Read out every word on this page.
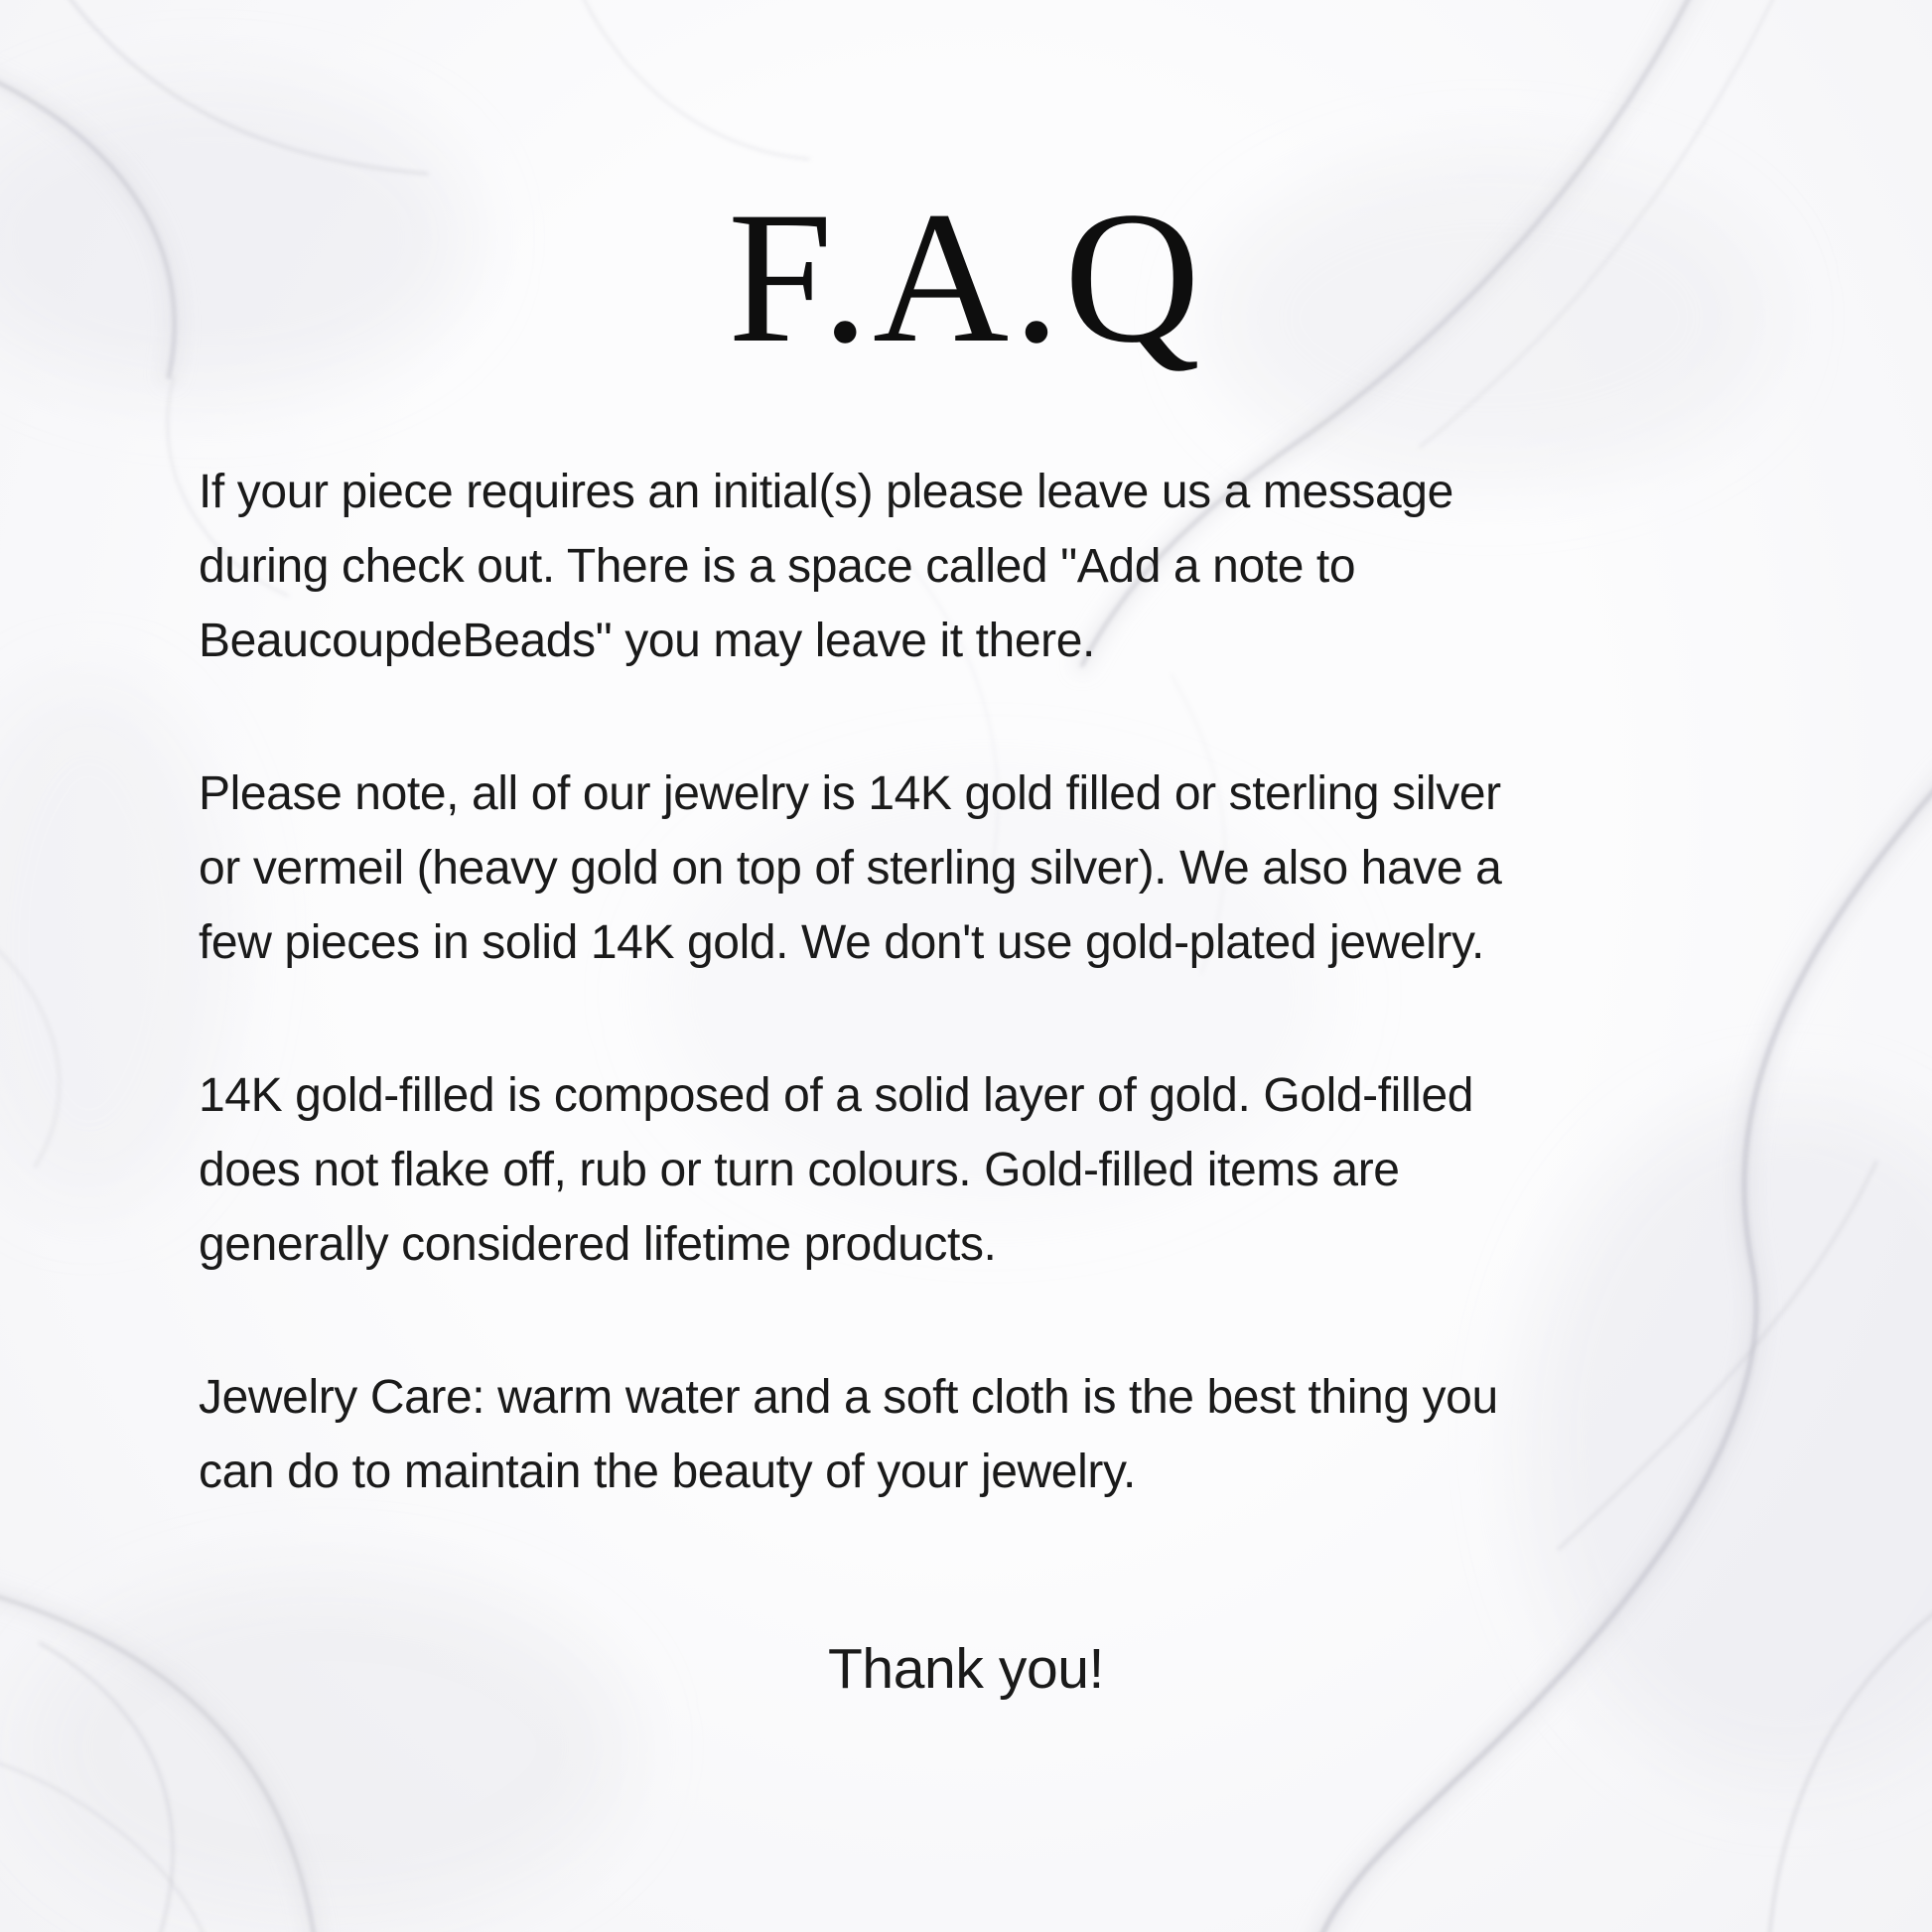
F.A.Q

If your piece requires an initial(s) please leave us a message
during check out. There is a space called "Add a note to
BeaucoupdeBeads" you may leave it there.

Please note, all of our jewelry is 14K gold filled or sterling silver
or vermeil (heavy gold on top of sterling silver). We also have a
few pieces in solid 14K gold. We don't use gold-plated jewelry.

14K gold-filled is composed of a solid layer of gold. Gold-filled
does not flake off, rub or turn colours. Gold-filled items are
generally considered lifetime products.

Jewelry Care: warm water and a soft cloth is the best thing you
can do to maintain the beauty of your jewelry.

Thank you!
